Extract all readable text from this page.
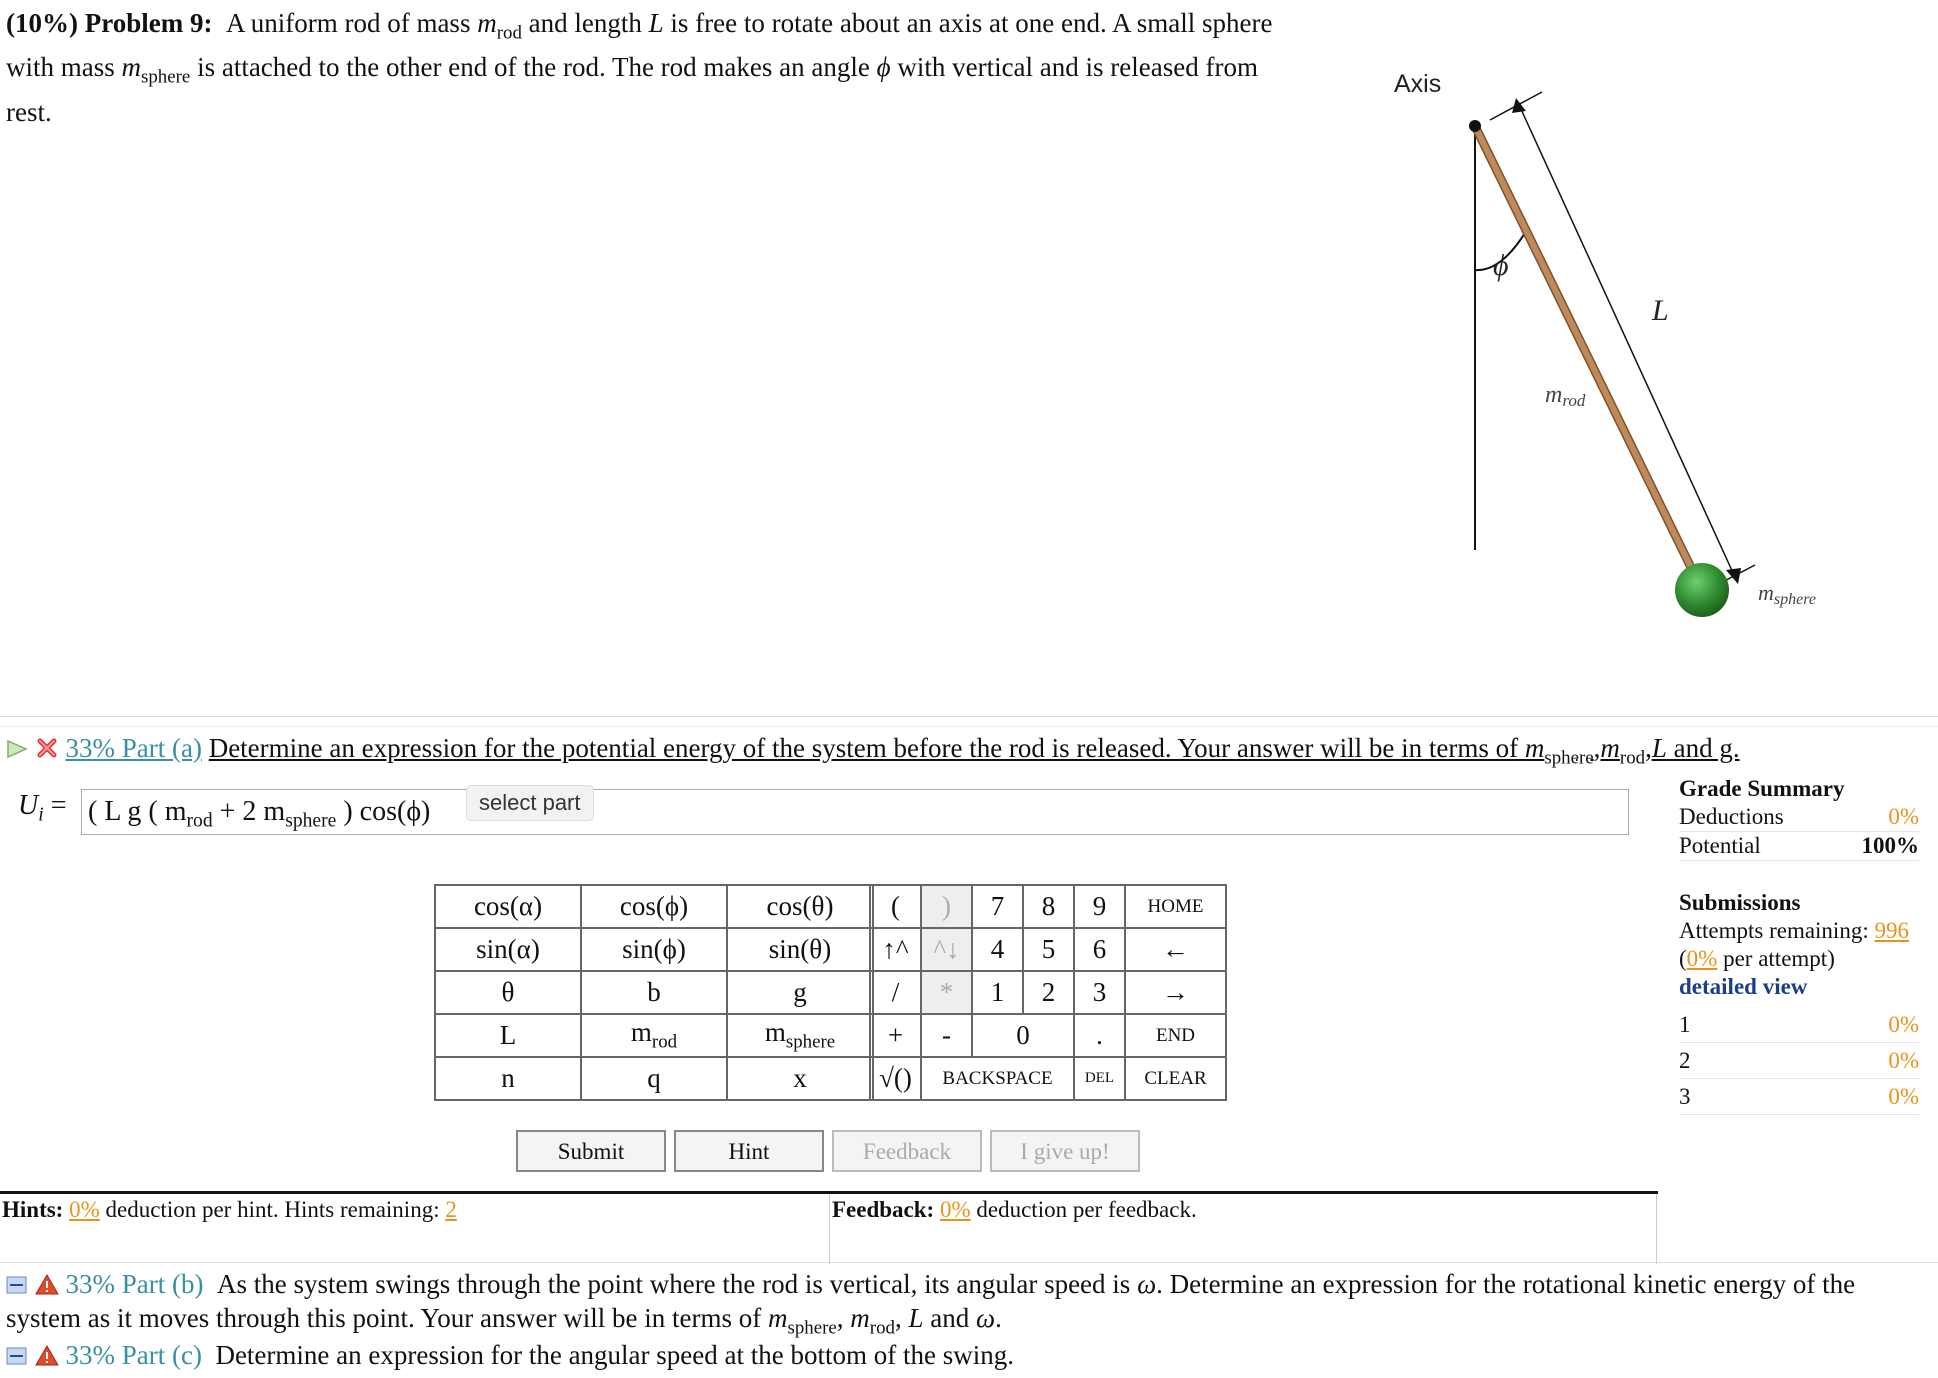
(10%) Problem 9: A uniform rod of mass $m_{rod}$ and length L is free to rotate about an axis at one end. A small sphere with mass $m_{sphere}$ is attached to the other end of the rod. The rod makes an angle ϕ with vertical and is released from rest.
Axis
ϕ
L
mrod
msphere
33% Part (a) Determine an expression for the potential energy of the system before the rod is released. Your answer will be in terms of $m_{sphere},m_{rod},L$ and g.
$U_i$ = ( L g ( $m_{rod} + 2$ $m_{sphere}$ ) cos(ϕ)	select part
Grade Summary
Deductions	0%
Potential	100%
Submissions
Attempts remaining: 996
(0% per attempt)
detailed view
1	0%
2	0%
3	0%
cos(α)	cos(ϕ)	cos(θ)
sin(α)	sin(ϕ)	sin(θ)
θ	b	g
L	$m_{rod}$	$m_{sphere}$
n	q	x
(	)	7	8	9	HOME
↑^	^↓	4	5	6	←
/	*	1	2	3	→
+	-	0		.	END
√()	BACKSPACE			DEL	CLEAR
Submit	Hint	Feedback	I give up!
Hints: 0% deduction per hint. Hints remaining: 2	Feedback: 0% deduction per feedback.
33% Part (b) As the system swings through the point where the rod is vertical, its angular speed is ω. Determine an expression for the rotational kinetic energy of the system as it moves through this point. Your answer will be in terms of $m_{sphere}$, $m_{rod}$, L and ω.
33% Part (c) Determine an expression for the angular speed at the bottom of the swing.
